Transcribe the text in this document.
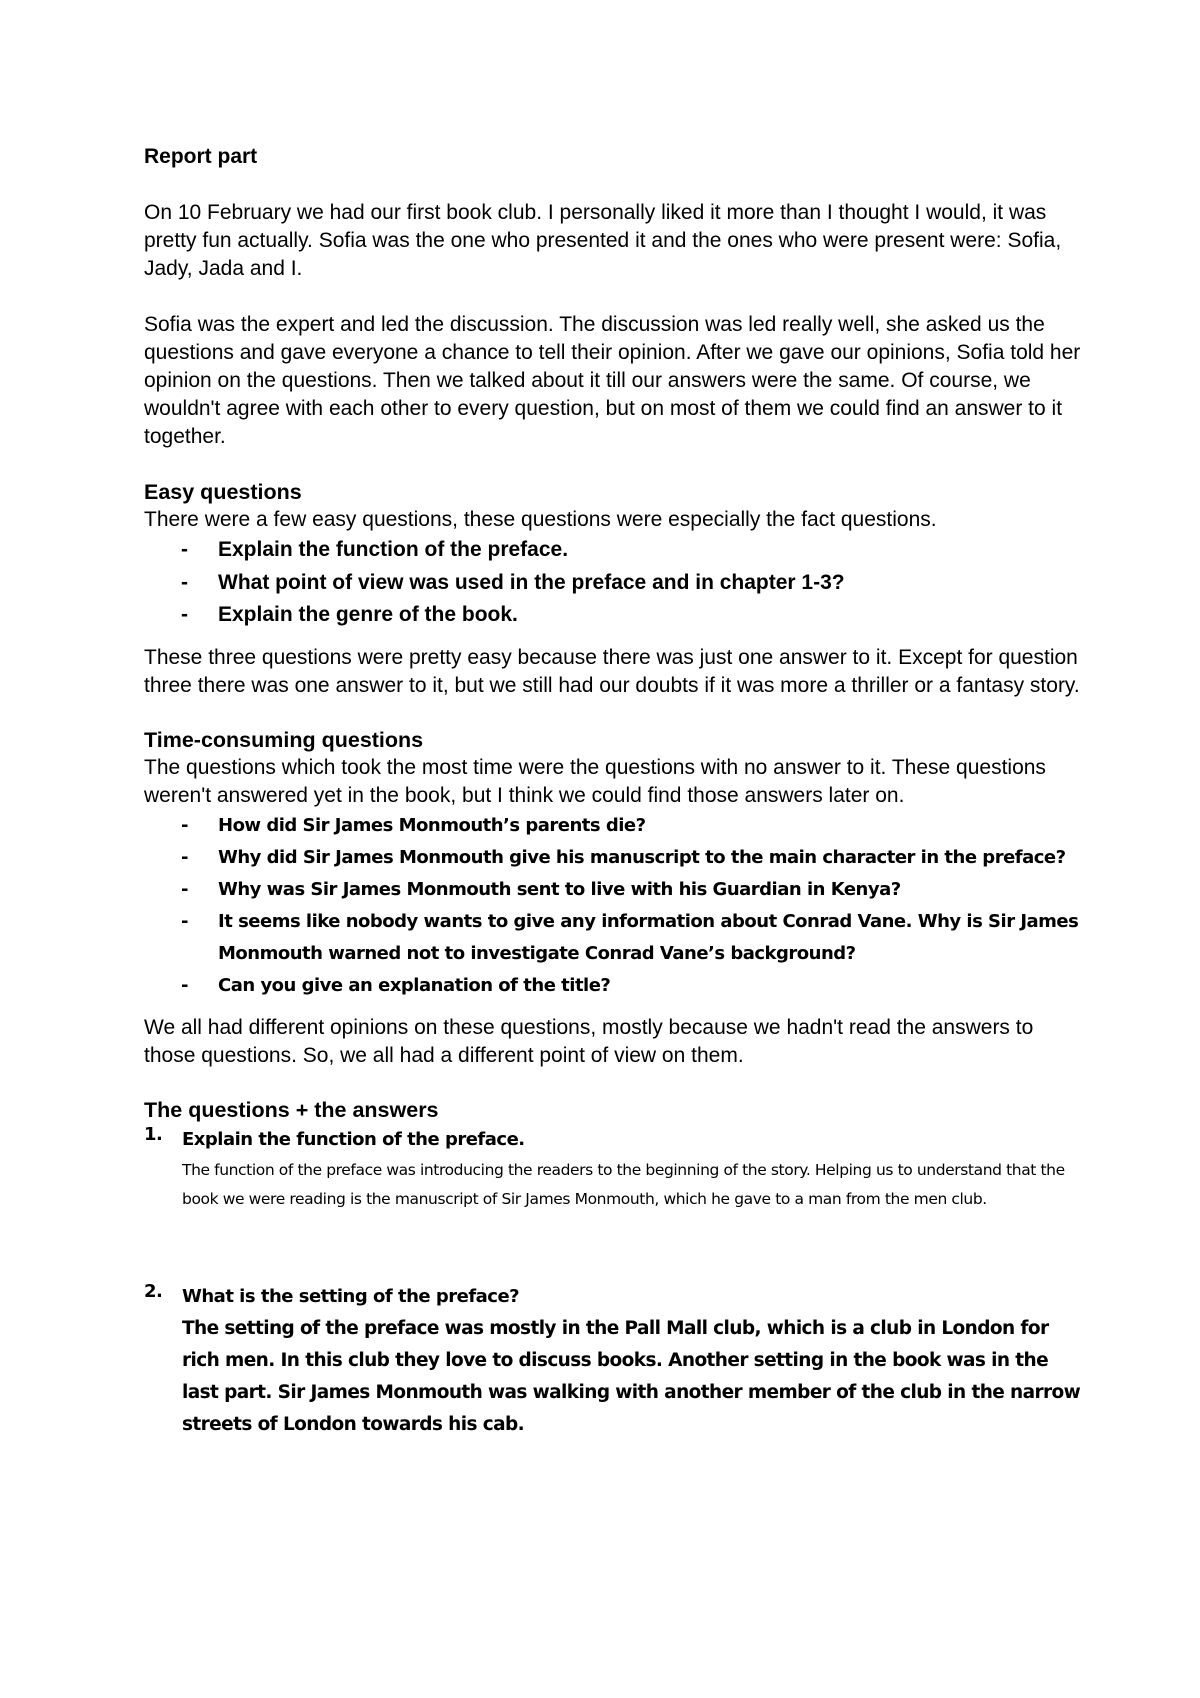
Report part

On 10 February we had our first book club. I personally liked it more than I thought I would, it was pretty fun actually. Sofia was the one who presented it and the ones who were present were: Sofia, Jady, Jada and I.

Sofia was the expert and led the discussion. The discussion was led really well, she asked us the questions and gave everyone a chance to tell their opinion. After we gave our opinions, Sofia told her opinion on the questions. Then we talked about it till our answers were the same. Of course, we wouldn't agree with each other to every question, but on most of them we could find an answer to it together.

Easy questions

There were a few easy questions, these questions were especially the fact questions.

- Explain the function of the preface.
- What point of view was used in the preface and in chapter 1-3?
- Explain the genre of the book.

These three questions were pretty easy because there was just one answer to it. Except for question three there was one answer to it, but we still had our doubts if it was more a thriller or a fantasy story.

Time-consuming questions

The questions which took the most time were the questions with no answer to it. These questions weren't answered yet in the book, but I think we could find those answers later on.

- How did Sir James Monmouth’s parents die?
- Why did Sir James Monmouth give his manuscript to the main character in the preface?
- Why was Sir James Monmouth sent to live with his Guardian in Kenya?
- It seems like nobody wants to give any information about Conrad Vane. Why is Sir James Monmouth warned not to investigate Conrad Vane’s background?
- Can you give an explanation of the title?

We all had different opinions on these questions, mostly because we hadn't read the answers to those questions. So, we all had a different point of view on them.

The questions + the answers

1. Explain the function of the preface.
The function of the preface was introducing the readers to the beginning of the story. Helping us to understand that the book we were reading is the manuscript of Sir James Monmouth, which he gave to a man from the men club.
2. What is the setting of the preface?
The setting of the preface was mostly in the Pall Mall club, which is a club in London for rich men. In this club they love to discuss books. Another setting in the book was in the last part. Sir James Monmouth was walking with another member of the club in the narrow streets of London towards his cab.
